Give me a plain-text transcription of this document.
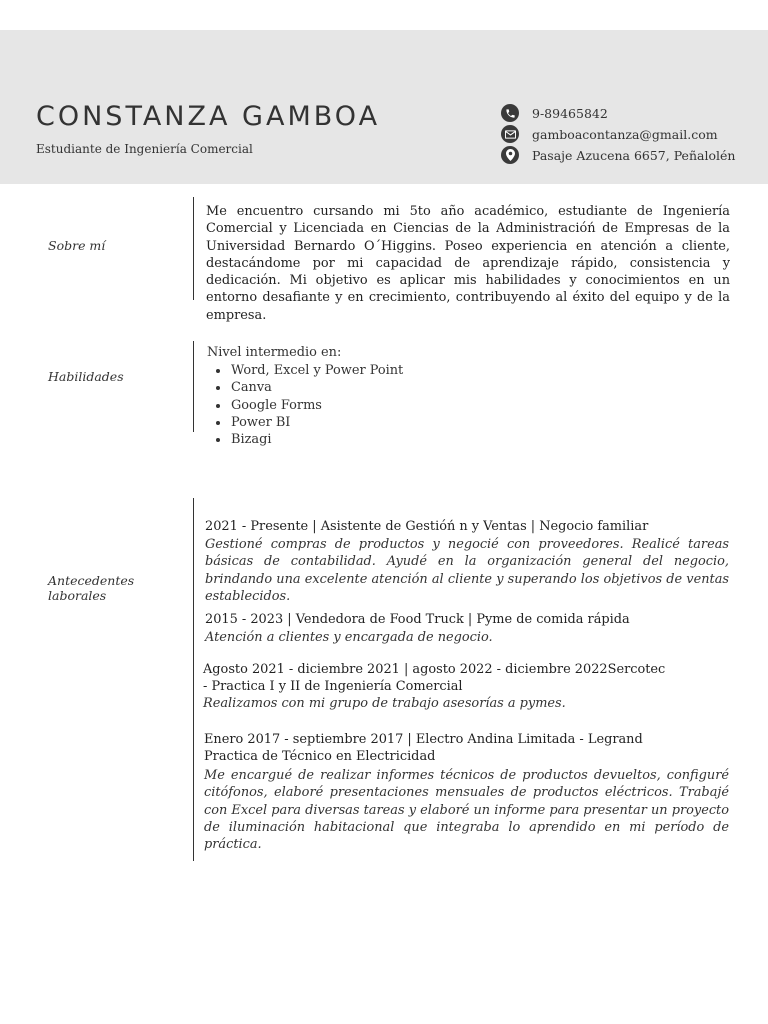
CONSTANZA GAMBOA
Estudiante de Ingeniería Comercial
9-89465842
gamboacontanza@gmail.com
Pasaje Azucena 6657, Peñalolén
Sobre mí

Me encuentro cursando mi 5to año académico, estudiante de Ingeniería Comercial y Licenciada en Ciencias de la Administracióń de Empresas de la Universidad Bernardo O´Higgins. Poseo experiencia en atención a cliente, destacándome por mi capacidad de aprendizaje rápido, consistencia y dedicación. Mi objetivo es aplicar mis habilidades y conocimientos en un entorno desafiante y en crecimiento, contribuyendo al éxito del equipo y de la empresa.

Habilidades
Nivel intermedio en:
Word, Excel y Power Point
Canva
Google Forms
Power BI
Bizagi
Antecedentes
laborales
2021 - Presente | Asistente de Gestióń n y Ventas | Negocio familiar

Gestioné compras de productos y negocié con proveedores. Realicé tareas básicas de contabilidad. Ayudé en la organización general del negocio, brindando una excelente atención al cliente y superando los objetivos de ventas establecidos.

2015 - 2023 | Vendedora de Food Truck | Pyme de comida rápida

Atención a clientes y encargada de negocio.

Agosto 2021 - diciembre 2021 | agosto 2022 - diciembre 2022Sercotec
- Practica I y II de Ingeniería Comercial

Realizamos con mi grupo de trabajo asesorías a pymes.

Enero 2017 - septiembre 2017 | Electro Andina Limitada - Legrand
Practica de Técnico en Electricidad

Me encargué de realizar informes técnicos de productos devueltos, configuré citófonos, elaboré presentaciones mensuales de productos eléctricos. Trabajé con Excel para diversas tareas y elaboré un informe para presentar un proyecto de iluminación habitacional que integraba lo aprendido en mi período de práctica.
